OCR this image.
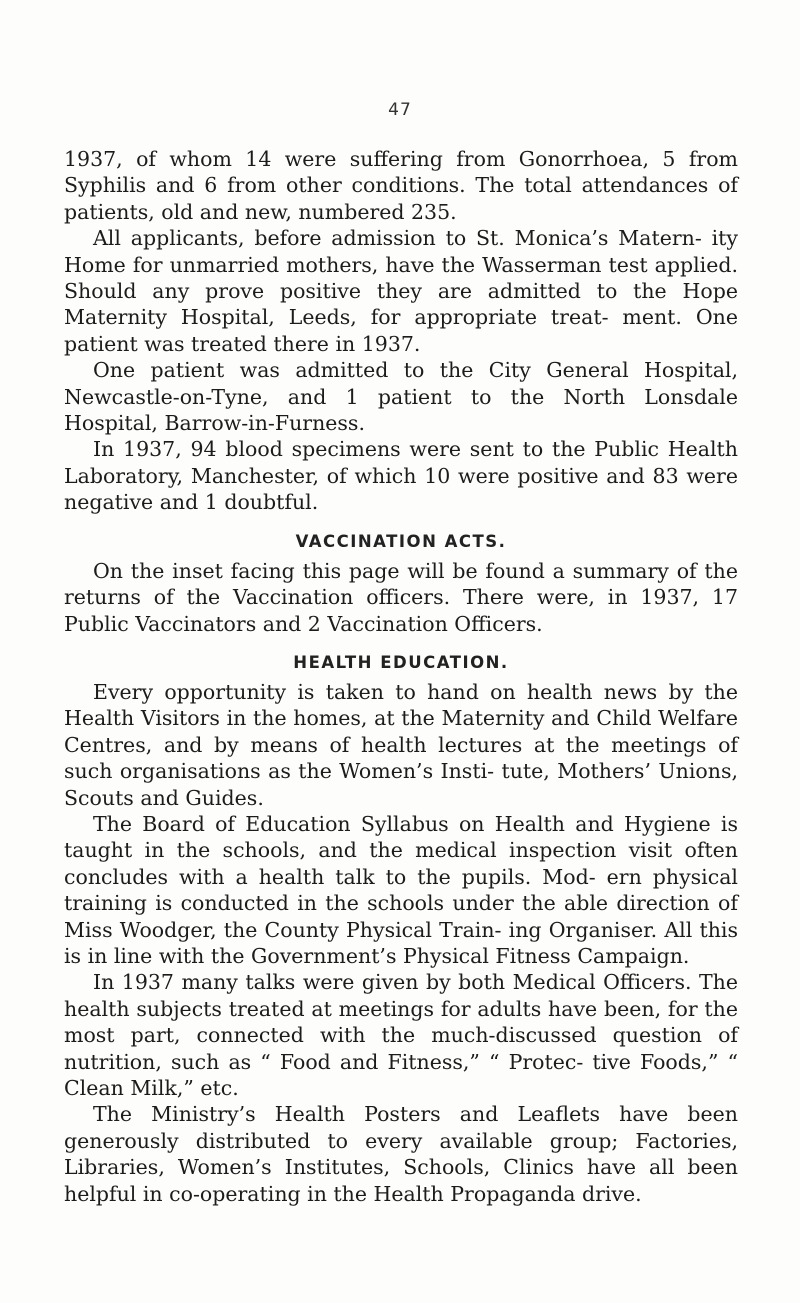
47

1937, of whom 14 were suffering from Gonorrhoea, 5 from Syphilis and 6 from other conditions. The total attendances of patients, old and new, numbered 235.

All applicants, before admission to St. Monica’s Matern- ity Home for unmarried mothers, have the Wasserman test applied. Should any prove positive they are admitted to the Hope Maternity Hospital, Leeds, for appropriate treat- ment. One patient was treated there in 1937.

One patient was admitted to the City General Hospital, Newcastle-on-Tyne, and 1 patient to the North Lonsdale Hospital, Barrow-in-Furness.

In 1937, 94 blood specimens were sent to the Public Health Laboratory, Manchester, of which 10 were positive and 83 were negative and 1 doubtful.

VACCINATION ACTS.

On the inset facing this page will be found a summary of the returns of the Vaccination officers. There were, in 1937, 17 Public Vaccinators and 2 Vaccination Officers.

HEALTH EDUCATION.

Every opportunity is taken to hand on health news by the Health Visitors in the homes, at the Maternity and Child Welfare Centres, and by means of health lectures at the meetings of such organisations as the Women’s Insti- tute, Mothers’ Unions, Scouts and Guides.

The Board of Education Syllabus on Health and Hygiene is taught in the schools, and the medical inspection visit often concludes with a health talk to the pupils. Mod- ern physical training is conducted in the schools under the able direction of Miss Woodger, the County Physical Train- ing Organiser. All this is in line with the Government’s Physical Fitness Campaign.

In 1937 many talks were given by both Medical Officers. The health subjects treated at meetings for adults have been, for the most part, connected with the much-discussed question of nutrition, such as “ Food and Fitness,” “ Protec- tive Foods,” “ Clean Milk,” etc.

The Ministry’s Health Posters and Leaflets have been generously distributed to every available group; Factories, Libraries, Women’s Institutes, Schools, Clinics have all been helpful in co-operating in the Health Propaganda drive.
